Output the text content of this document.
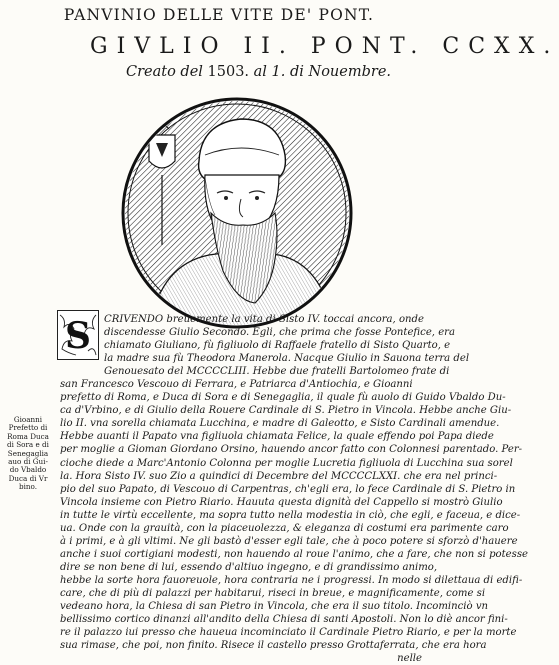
PANVINIO DELLE VITE DE' PONT.
GIVLIO II. PONT. CCXX.
Creato del 1503. al 1. di Nouembre.
S
Gioanni
Prefetto di
Roma Duca
di Sora e di
Senegaglia
auo di Gui-
do Vbaldo
Duca di Vr
bino.
CRIVENDO breuemente la vita di Sisto IV. toccai ancora, onde
discendesse Giulio Secondo. Egli, che prima che fosse Pontefice, era
chiamato Giuliano, fù figliuolo di Raffaele fratello di Sisto Quarto, e
la madre sua fù Theodora Manerola. Nacque Giulio in Sauona terra del
Genouesato del MCCCCLIII. Hebbe due fratelli Bartolomeo frate di
san Francesco Vescouo di Ferrara, e Patriarca d'Antiochia, e Gioanni
prefetto di Roma, e Duca di Sora e di Senegaglia, il quale fù auolo di Guido Vbaldo Du-
ca d'Vrbino, e di Giulio della Rouere Cardinale di S. Pietro in Vincola. Hebbe anche Giu-
lio II. vna sorella chiamata Lucchina, e madre di Galeotto, e Sisto Cardinali amendue.
Hebbe auanti il Papato vna figliuola chiamata Felice, la quale effendo poi Papa diede
per moglie a Gioman Giordano Orsino, hauendo ancor fatto con Colonnesi parentado. Per-
cioche diede a Marc'Antonio Colonna per moglie Lucretia figliuola di Lucchina sua sorel
la. Hora Sisto IV. suo Zio a quindici di Decembre del MCCCCLXXI. che era nel princi-
pio del suo Papato, di Vescouo di Carpentras, ch'egli era, lo fece Cardinale di S. Pietro in
Vincola insieme con Pietro Riario. Hauuta questa dignità del Cappello si mostrò Giulio
in tutte le virtù eccellente, ma sopra tutto nella modestia in ciò, che egli, e faceua, e dice-
ua. Onde con la grauità, con la piaceuolezza, & eleganza di costumi era parimente caro
à i primi, e à gli vltimi. Ne gli bastò d'esser egli tale, che à poco potere si sforzò d'hauere
anche i suoi cortigiani modesti, non hauendo al roue l'animo, che a fare, che non si potesse
dire se non bene di lui, essendo d'altiuo ingegno, e di grandissimo animo,
hebbe la sorte hora fauoreuole, hora contraria ne i progressi. In modo si dilettaua di edifi-
care, che di più di palazzi per habitarui, riseci in breue, e magnificamente, come si
vedeano hora, la Chiesa di san Pietro in Vincola, che era il suo titolo. Incominciò vn
bellissimo cortico dinanzi all'andito della Chiesa di santi Apostoli. Non lo diè ancor fini-
re il palazzo iui presso che haueua incominciato il Cardinale Pietro Riario, e per la morte
sua rimase, che poi, non finito. Risece il castello presso Grottaferrata, che era hora
nelle
